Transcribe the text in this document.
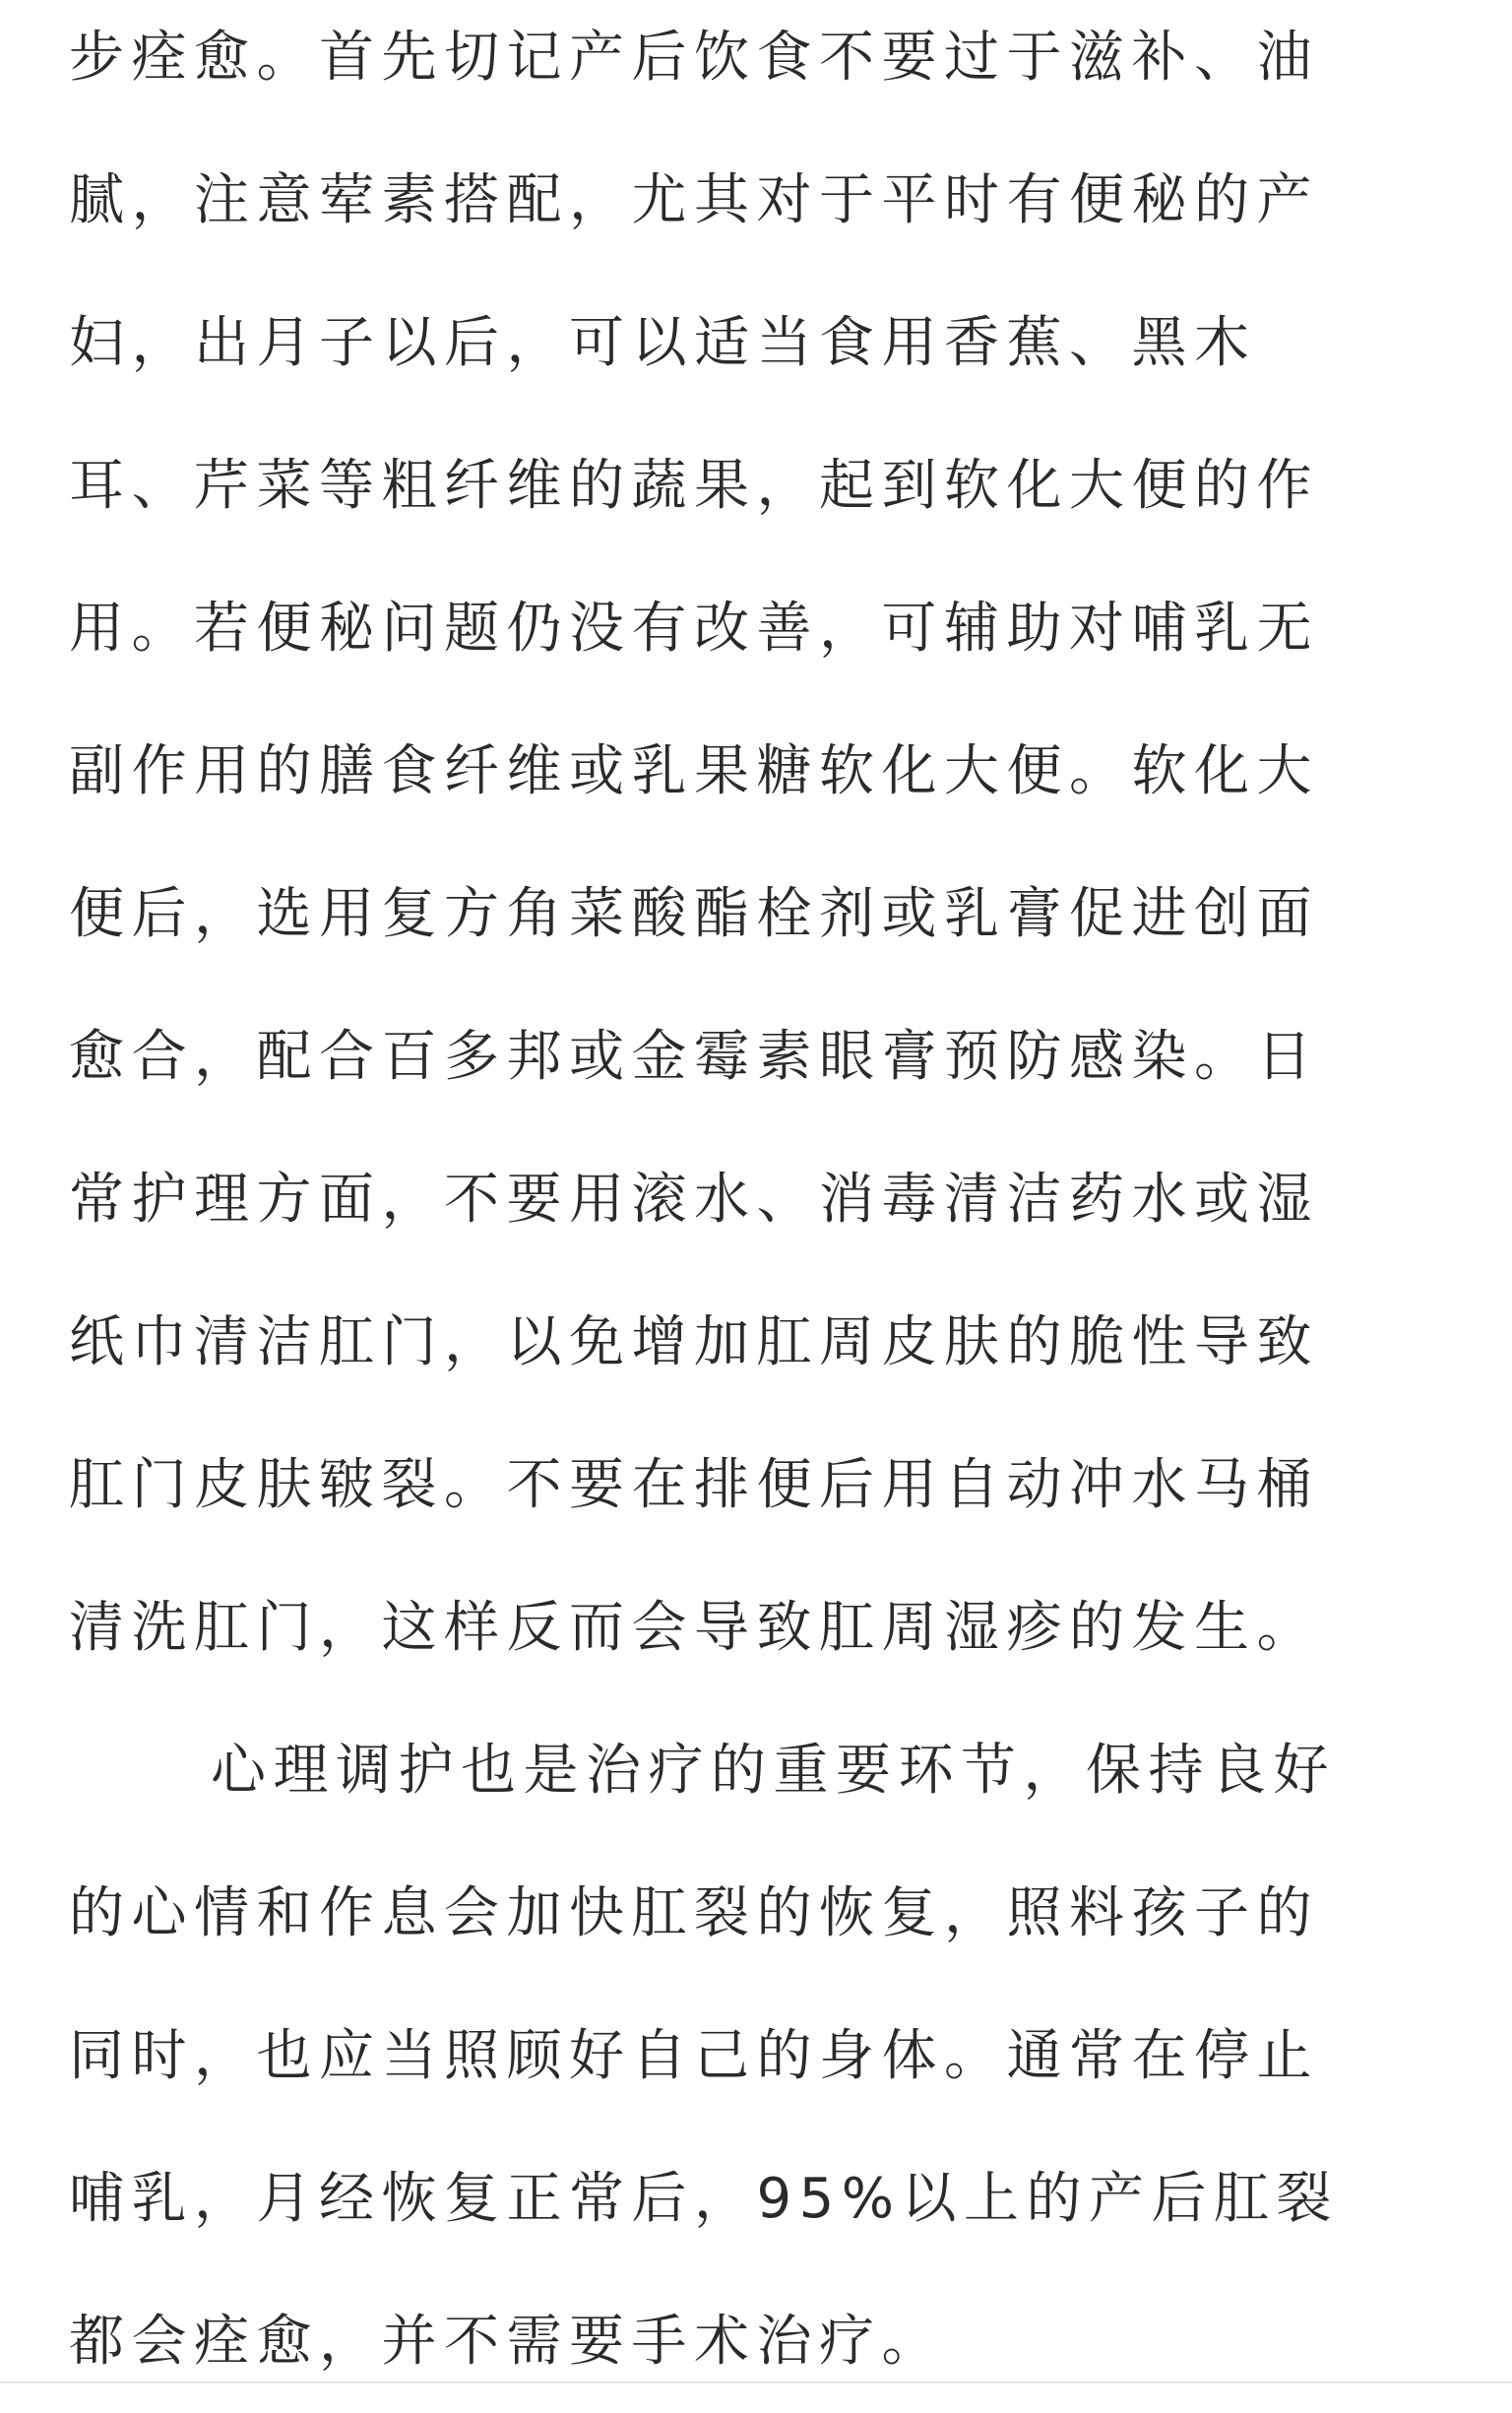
步痊愈。首先切记产后饮食不要过于滋补、油
腻，注意荤素搭配，尤其对于平时有便秘的产
妇，出月子以后，可以适当食用香蕉、黑木
耳、芹菜等粗纤维的蔬果，起到软化大便的作
用。若便秘问题仍没有改善，可辅助对哺乳无
副作用的膳食纤维或乳果糖软化大便。软化大
便后，选用复方角菜酸酯栓剂或乳膏促进创面
愈合，配合百多邦或金霉素眼膏预防感染。日
常护理方面，不要用滚水、消毒清洁药水或湿
纸巾清洁肛门，以免增加肛周皮肤的脆性导致
肛门皮肤皲裂。不要在排便后用自动冲水马桶
清洗肛门，这样反而会导致肛周湿疹的发生。
心理调护也是治疗的重要环节，保持良好
的心情和作息会加快肛裂的恢复，照料孩子的
同时，也应当照顾好自己的身体。通常在停止
哺乳，月经恢复正常后，95%以上的产后肛裂
都会痊愈，并不需要手术治疗。
